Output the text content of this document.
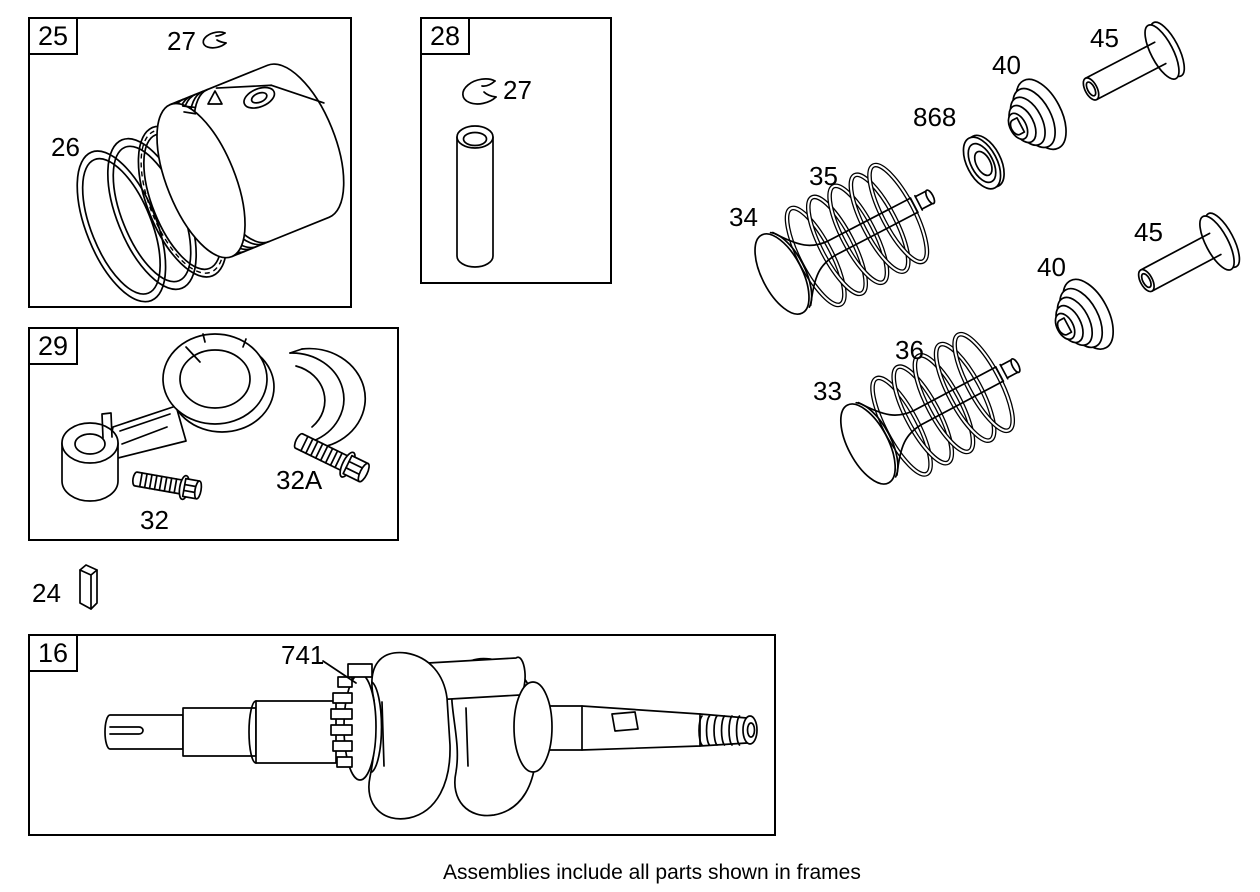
25	28
29
16
27
26
27
32
32A
24
741
34
35
868
40
45
33
36
40
45
Assemblies include all parts shown in frames
